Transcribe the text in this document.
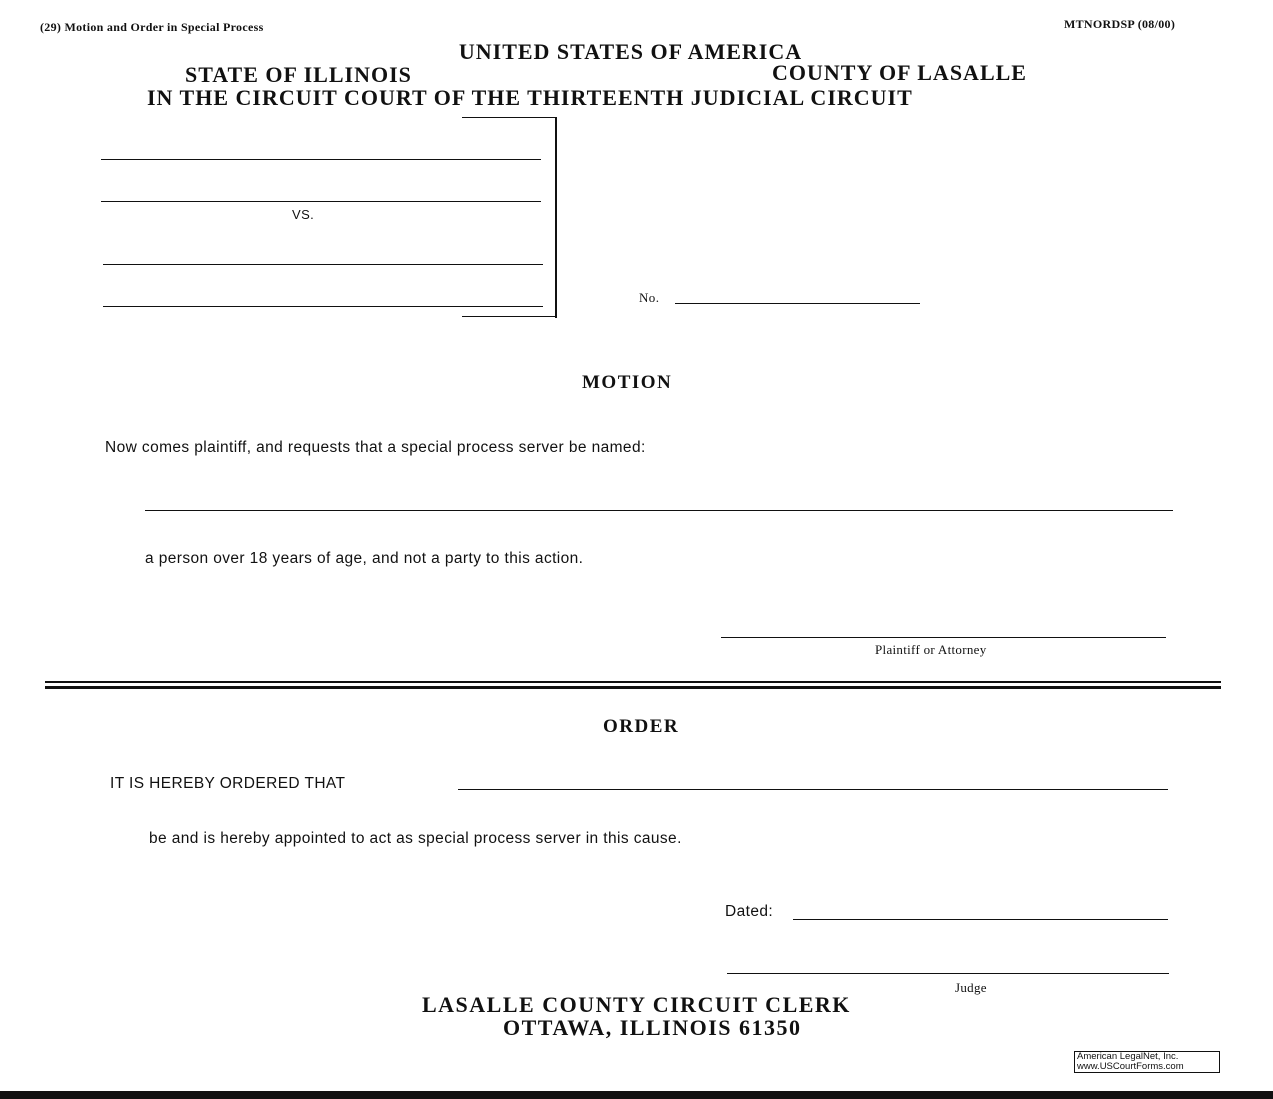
(29) Motion and Order in Special Process	MTNORDSP (08/00)
UNITED STATES OF AMERICA
STATE OF ILLINOIS	COUNTY OF LASALLE
IN THE CIRCUIT COURT OF THE THIRTEENTH JUDICIAL CIRCUIT
VS.
No.
MOTION
Now comes plaintiff, and requests that a special process server be named:
a person over 18 years of age, and not a party to this action.
Plaintiff or Attorney
ORDER
IT IS HEREBY ORDERED THAT
be and is hereby appointed to act as special process server in this cause.
Dated:
Judge
LASALLE COUNTY CIRCUIT CLERK
OTTAWA, ILLINOIS 61350
American LegalNet, Inc.
www.USCourtForms.com
